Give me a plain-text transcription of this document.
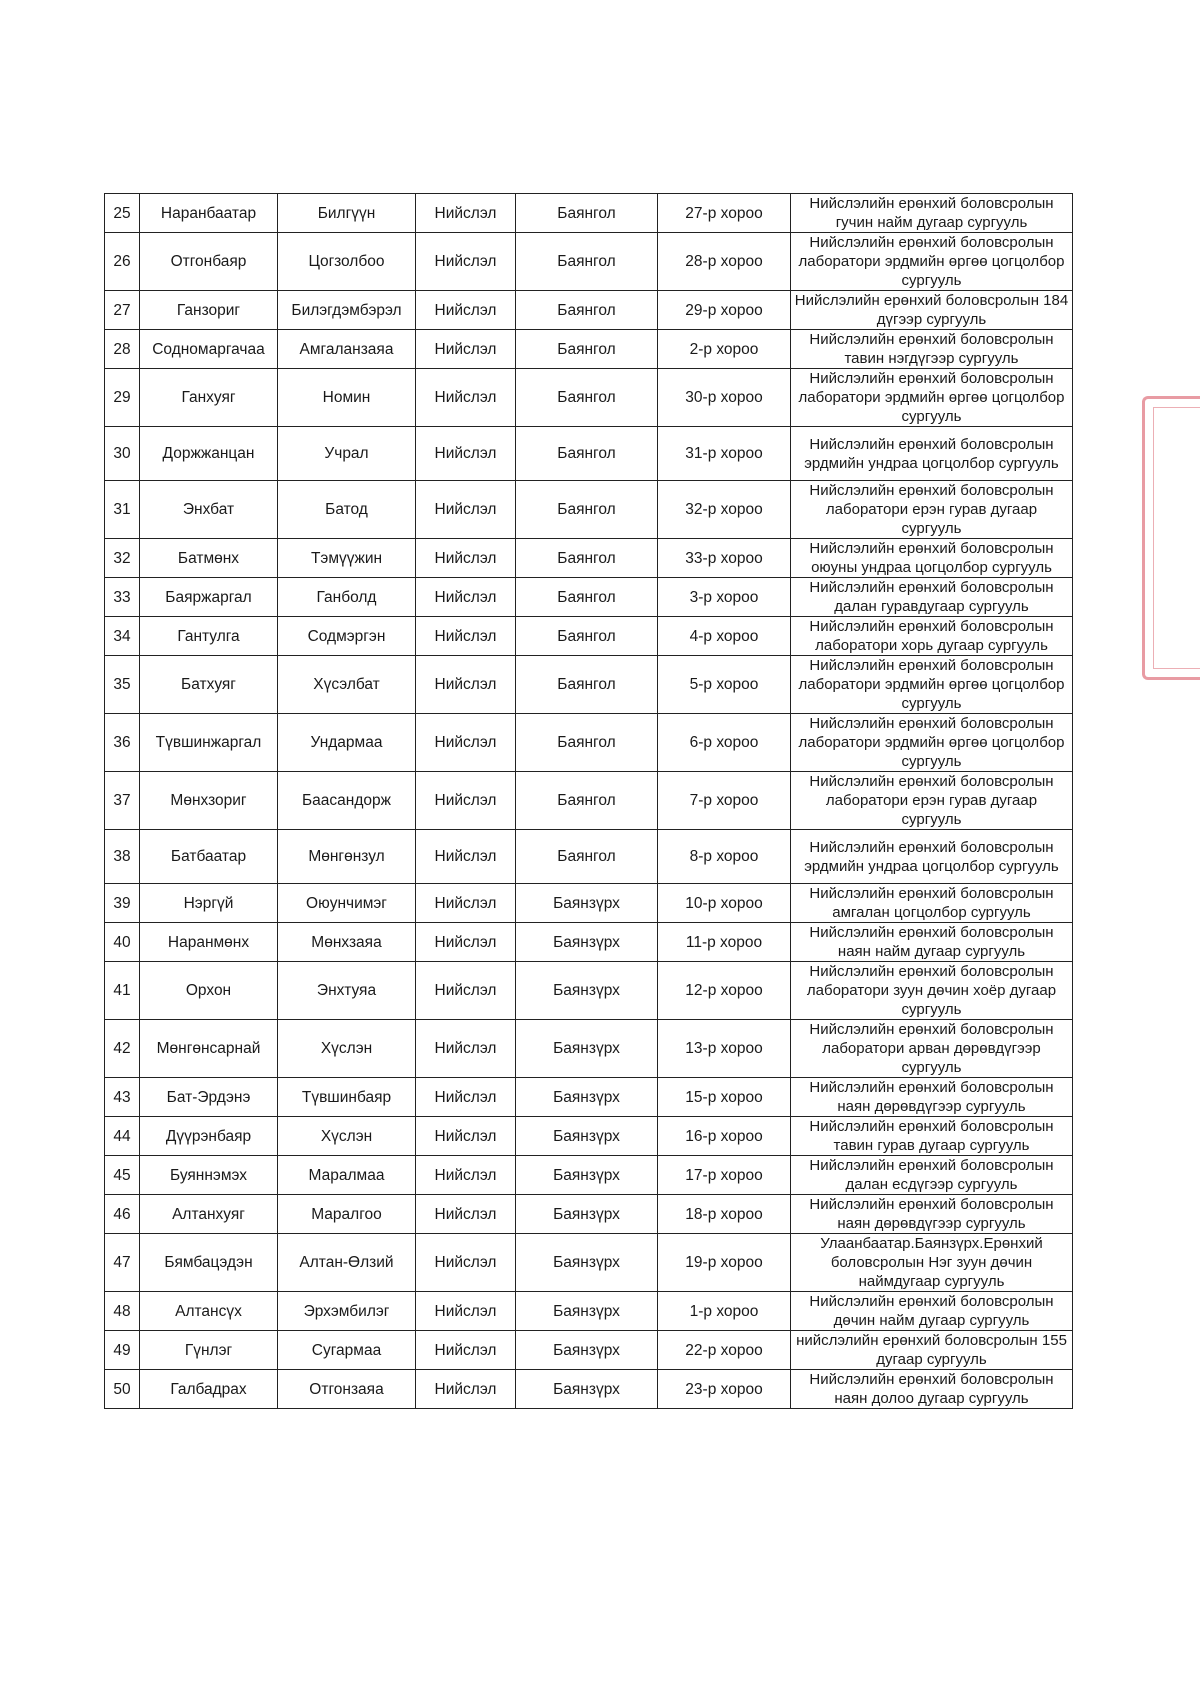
25	Наранбаатар	Билгүүн	Нийслэл	Баянгол	27-р хороо	Нийслэлийн ерөнхий боловсролын гучин найм дугаар сургууль
26	Отгонбаяр	Цогзолбоо	Нийслэл	Баянгол	28-р хороо	Нийслэлийн ерөнхий боловсролын лаборатори эрдмийн өргөө цогцолбор сургууль
27	Ганзориг	Билэгдэмбэрэл	Нийслэл	Баянгол	29-р хороо	Нийслэлийн ерөнхий боловсролын 184 дүгээр сургууль
28	Содномаргачаа	Амгаланзаяа	Нийслэл	Баянгол	2-р хороо	Нийслэлийн ерөнхий боловсролын тавин нэгдүгээр сургууль
29	Ганхуяг	Номин	Нийслэл	Баянгол	30-р хороо	Нийслэлийн ерөнхий боловсролын лаборатори эрдмийн өргөө цогцолбор сургууль
30	Доржжанцан	Учрал	Нийслэл	Баянгол	31-р хороо	Нийслэлийн ерөнхий боловсролын эрдмийн ундраа цогцолбор сургууль
31	Энхбат	Батод	Нийслэл	Баянгол	32-р хороо	Нийслэлийн ерөнхий боловсролын лаборатори ерэн гурав дугаар сургууль
32	Батмөнх	Тэмүүжин	Нийслэл	Баянгол	33-р хороо	Нийслэлийн ерөнхий боловсролын оюуны ундраа цогцолбор сургууль
33	Баяржаргал	Ганболд	Нийслэл	Баянгол	3-р хороо	Нийслэлийн ерөнхий боловсролын далан гуравдугаар сургууль
34	Гантулга	Содмэргэн	Нийслэл	Баянгол	4-р хороо	Нийслэлийн ерөнхий боловсролын лаборатори хорь дугаар сургууль
35	Батхуяг	Хүсэлбат	Нийслэл	Баянгол	5-р хороо	Нийслэлийн ерөнхий боловсролын лаборатори эрдмийн өргөө цогцолбор сургууль
36	Түвшинжаргал	Ундармаа	Нийслэл	Баянгол	6-р хороо	Нийслэлийн ерөнхий боловсролын лаборатори эрдмийн өргөө цогцолбор сургууль
37	Мөнхзориг	Баасандорж	Нийслэл	Баянгол	7-р хороо	Нийслэлийн ерөнхий боловсролын лаборатори ерэн гурав дугаар сургууль
38	Батбаатар	Мөнгөнзул	Нийслэл	Баянгол	8-р хороо	Нийслэлийн ерөнхий боловсролын эрдмийн ундраа цогцолбор сургууль
39	Нэргүй	Оюунчимэг	Нийслэл	Баянзүрх	10-р хороо	Нийслэлийн ерөнхий боловсролын амгалан цогцолбор сургууль
40	Наранмөнх	Мөнхзаяа	Нийслэл	Баянзүрх	11-р хороо	Нийслэлийн ерөнхий боловсролын наян найм дугаар сургууль
41	Орхон	Энхтуяа	Нийслэл	Баянзүрх	12-р хороо	Нийслэлийн ерөнхий боловсролын лаборатори зуун дөчин хоёр дугаар сургууль
42	Мөнгөнсарнай	Хүслэн	Нийслэл	Баянзүрх	13-р хороо	Нийслэлийн ерөнхий боловсролын лаборатори арван дөрөвдүгээр сургууль
43	Бат-Эрдэнэ	Түвшинбаяр	Нийслэл	Баянзүрх	15-р хороо	Нийслэлийн ерөнхий боловсролын наян дөрөвдүгээр сургууль
44	Дүүрэнбаяр	Хүслэн	Нийслэл	Баянзүрх	16-р хороо	Нийслэлийн ерөнхий боловсролын тавин гурав дугаар сургууль
45	Буяннэмэх	Маралмаа	Нийслэл	Баянзүрх	17-р хороо	Нийслэлийн ерөнхий боловсролын далан есдүгээр сургууль
46	Алтанхуяг	Маралгоо	Нийслэл	Баянзүрх	18-р хороо	Нийслэлийн ерөнхий боловсролын наян дөрөвдүгээр сургууль
47	Бямбацэдэн	Алтан-Өлзий	Нийслэл	Баянзүрх	19-р хороо	Улаанбаатар.Баянзүрх.Ерөнхий боловсролын Нэг зуун дөчин наймдугаар сургууль
48	Алтансүх	Эрхэмбилэг	Нийслэл	Баянзүрх	1-р хороо	Нийслэлийн ерөнхий боловсролын дөчин найм дугаар сургууль
49	Гүнлэг	Сугармаа	Нийслэл	Баянзүрх	22-р хороо	нийслэлийн ерөнхий боловсролын 155 дугаар сургууль
50	Галбадрах	Отгонзаяа	Нийслэл	Баянзүрх	23-р хороо	Нийслэлийн ерөнхий боловсролын наян долоо дугаар сургууль
